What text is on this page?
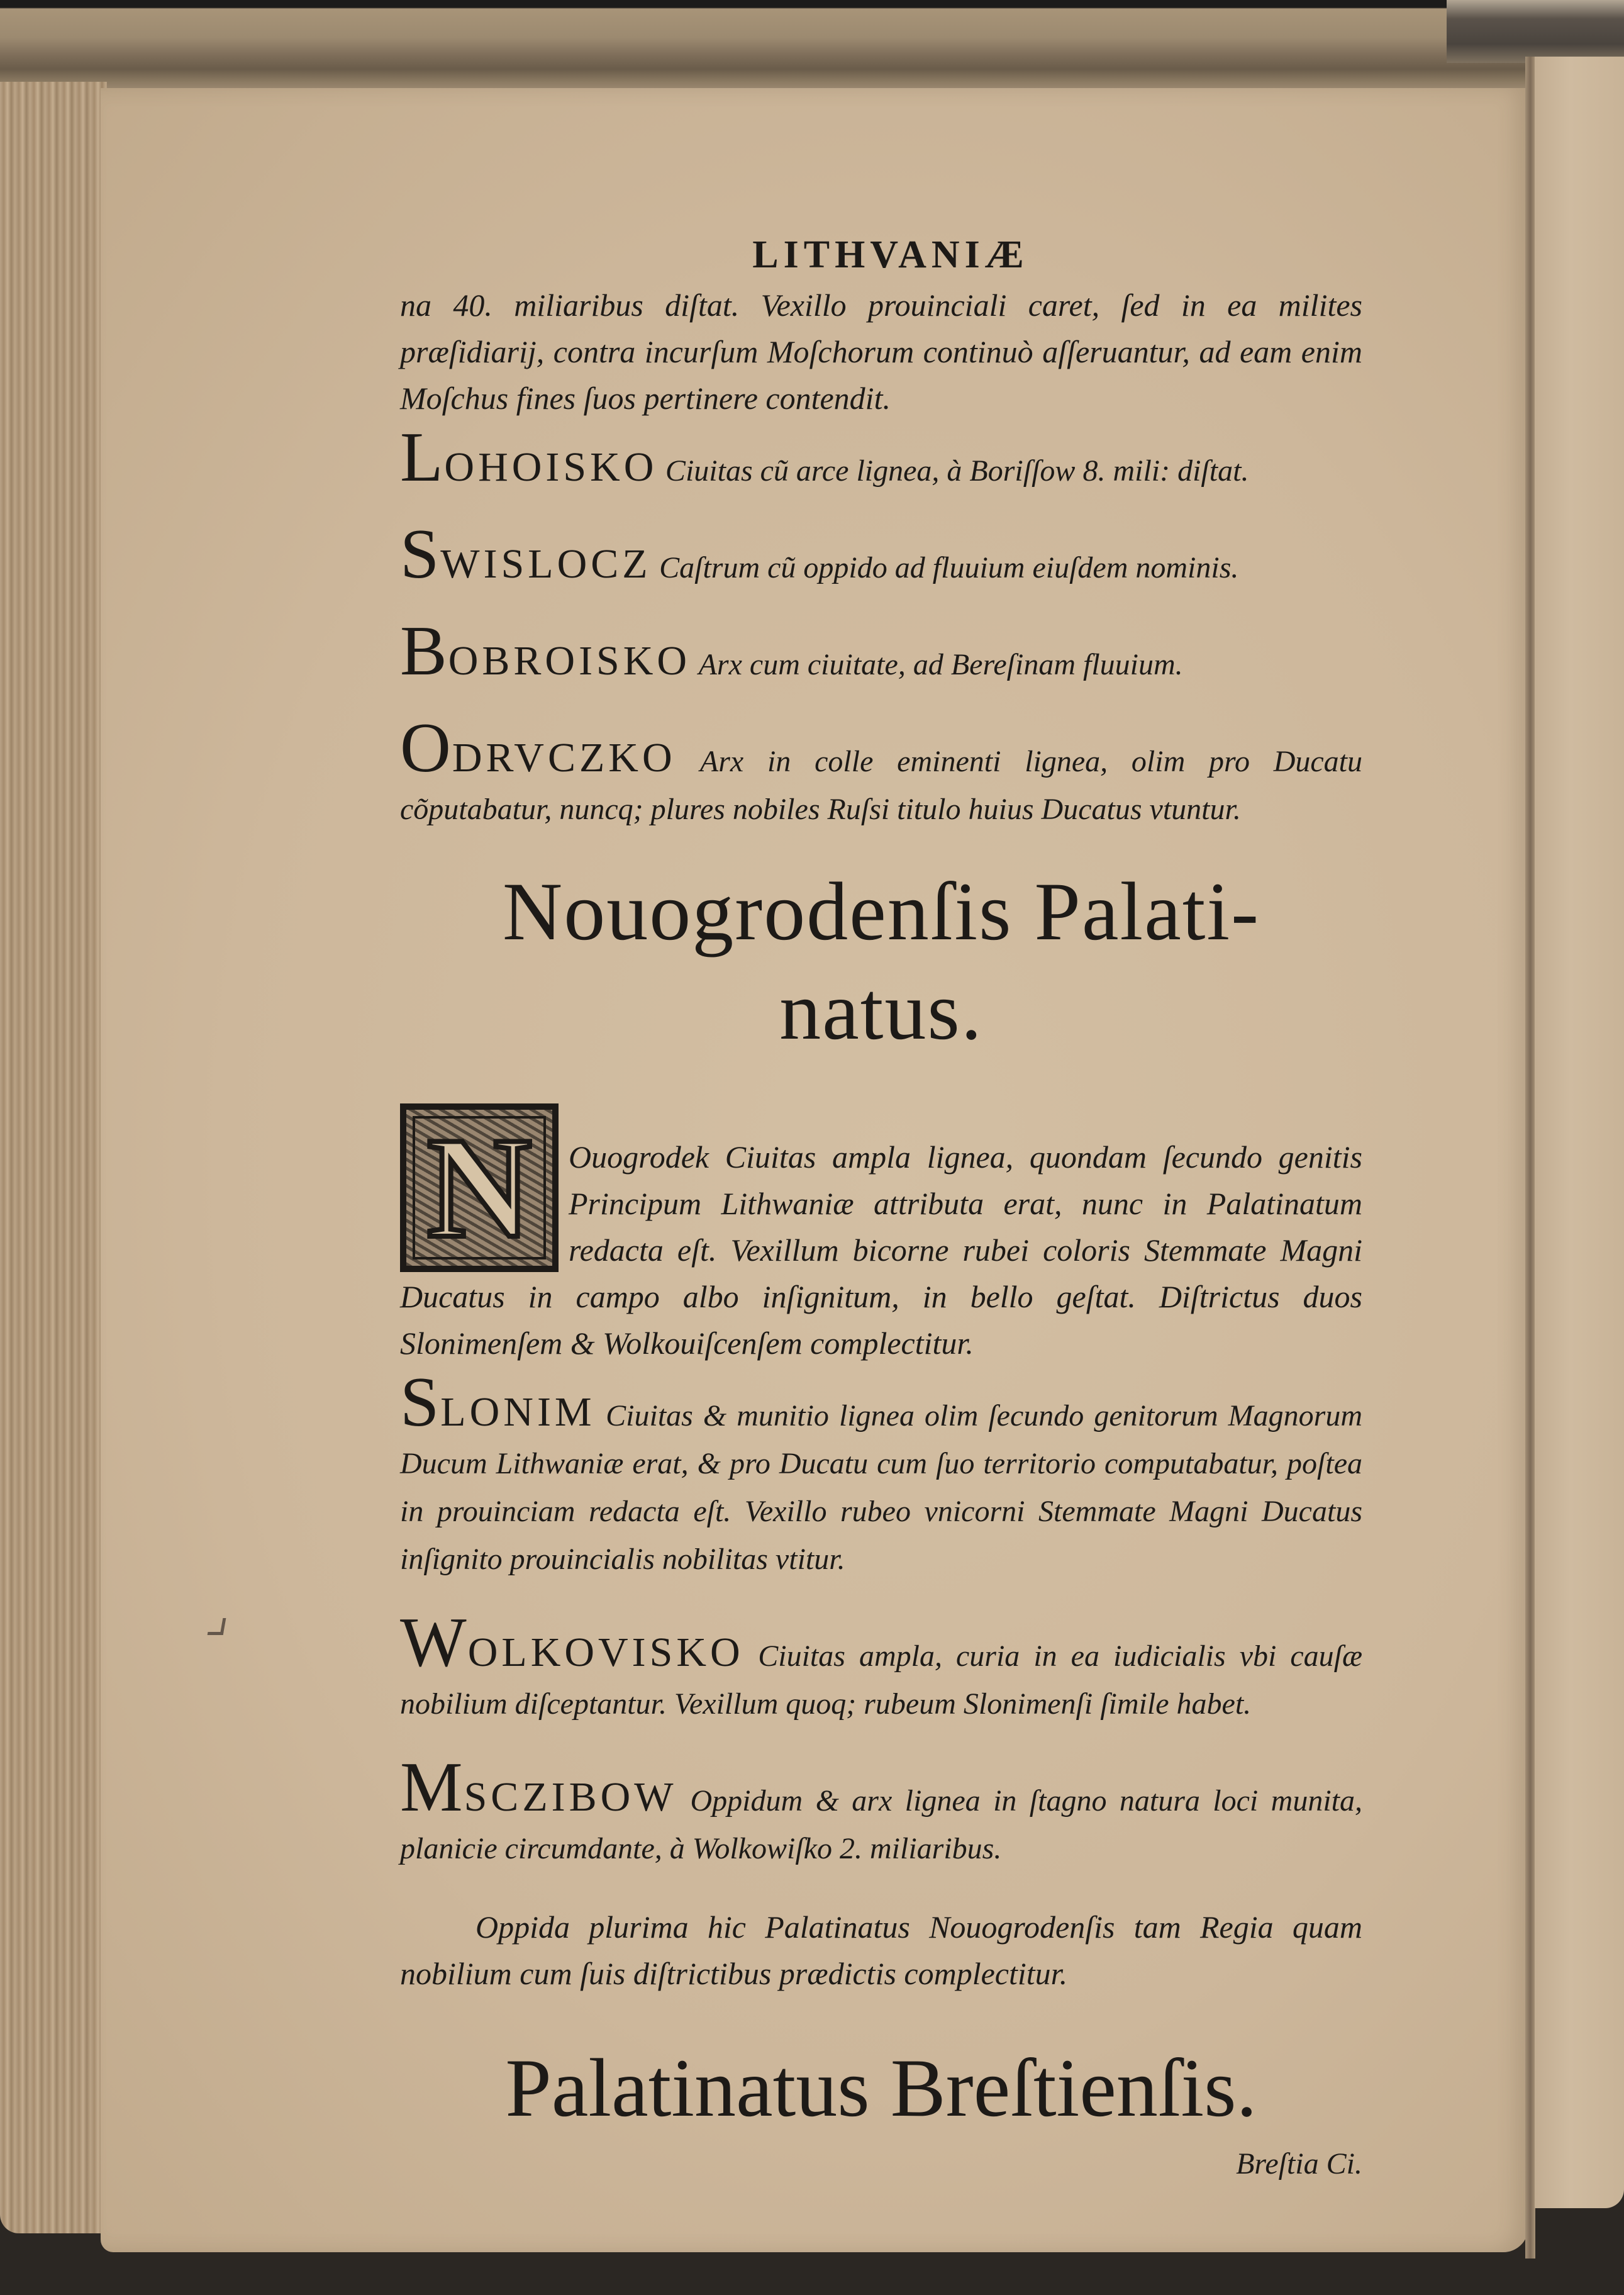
LITHVANIÆ

na 40. miliaribus diſtat. Vexillo prouinciali caret, ſed in ea milites præſidiarij, contra incurſum Moſchorum continuò aſſeruantur, ad eam enim Moſchus fines ſuos pertinere contendit.

LOHOISKO Ciuitas cũ arce lignea, à Boriſſow 8. mili: diſtat.

SWISLOCZ Caſtrum cũ oppido ad fluuium eiuſdem nominis.

BOBROISKO Arx cum ciuitate, ad Bereſinam fluuium.

ODRVCZKO Arx in colle eminenti lignea, olim pro Ducatu cõputabatur, nuncq; plures nobiles Ruſsi titulo huius Ducatus vtuntur.

Nouogrodenſis Palati-
natus.
N	Ouogrodek Ciuitas ampla lignea, quondam ſecundo genitis Principum Lithwaniæ attributa erat, nunc in Palatinatum redacta eſt. Vexillum bicorne rubei coloris Stemmate Magni Ducatus in campo albo inſignitum, in bello geſtat. Diſtrictus duos Slonimenſem & Wolkouiſcenſem complectitur.

SLONIM Ciuitas & munitio lignea olim ſecundo genitorum Magnorum Ducum Lithwaniæ erat, & pro Ducatu cum ſuo territorio computabatur, poſtea in prouinciam redacta eſt. Vexillo rubeo vnicorni Stemmate Magni Ducatus inſignito prouincialis nobilitas vtitur.

WOLKOVISKO Ciuitas ampla, curia in ea iudicialis vbi cauſæ nobilium diſceptantur. Vexillum quoq; rubeum Slonimenſi ſimile habet.

MSCZIBOW Oppidum & arx lignea in ſtagno natura loci munita, planicie circumdante, à Wolkowiſko 2. miliaribus.

Oppida plurima hic Palatinatus Nouogrodenſis tam Regia quam nobilium cum ſuis diſtrictibus prædictis complectitur.

Palatinatus Breſtienſis.
Breſtia Ci.
